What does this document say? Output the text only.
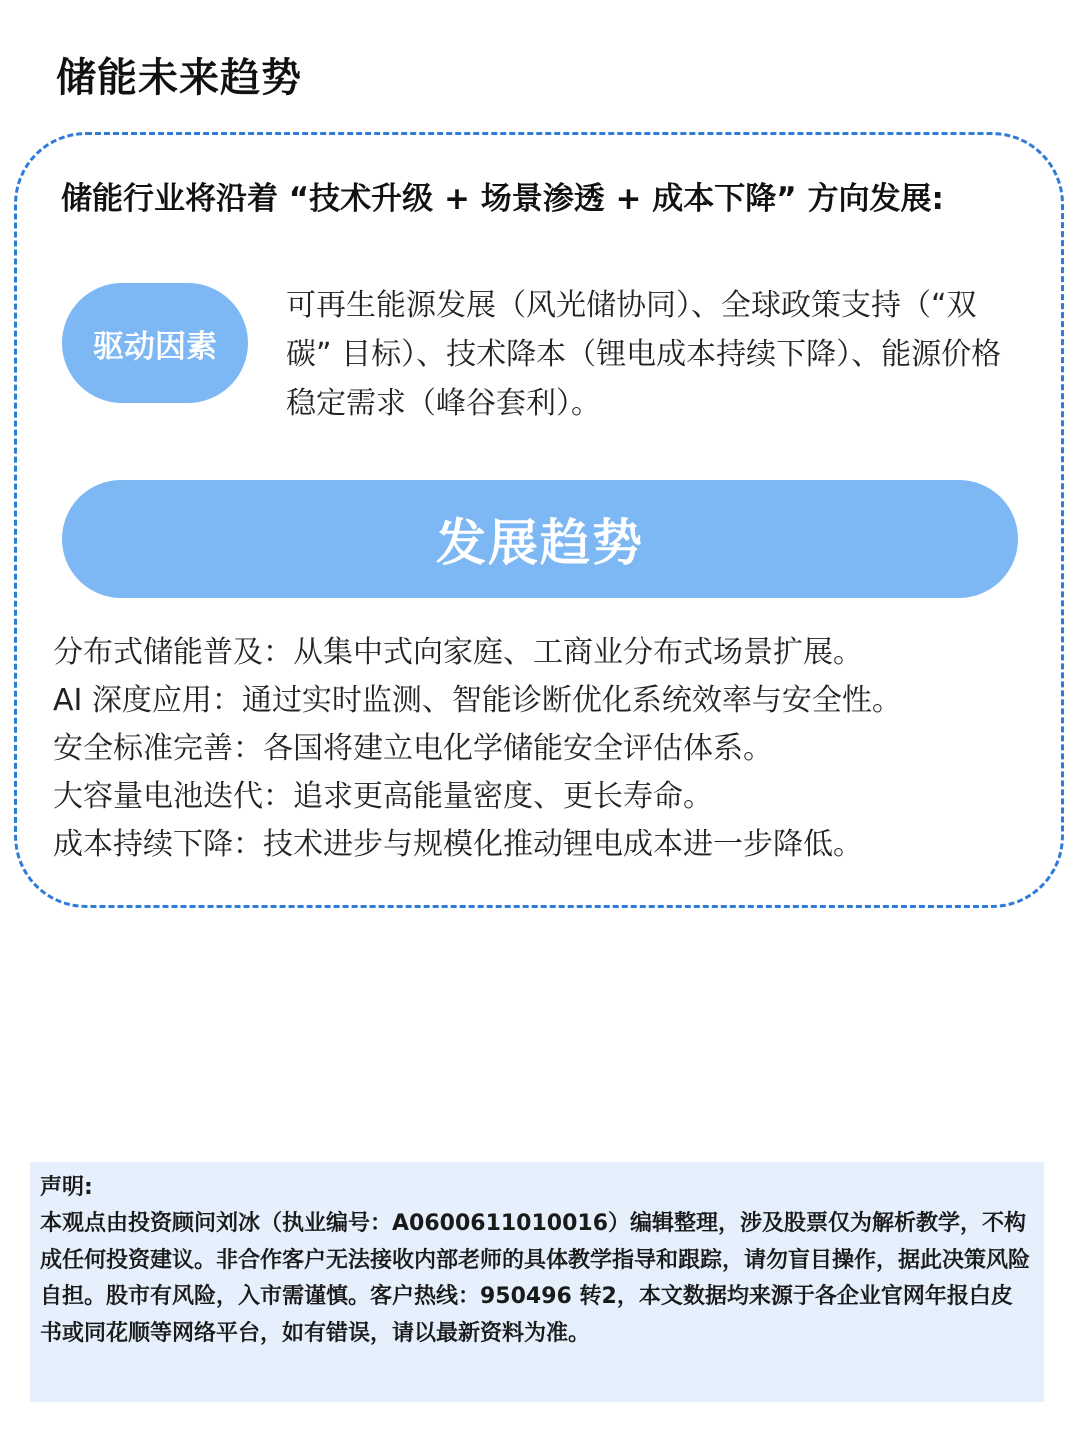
储能未来趋势
储能行业将沿着 “技术升级 + 场景渗透 + 成本下降” 方向发展:
驱动因素
可再生能源发展（风光储协同）、全球政策支持（“双碳” 目标）、技术降本（锂电成本持续下降）、能源价格稳定需求（峰谷套利）。
发展趋势
分布式储能普及：从集中式向家庭、工商业分布式场景扩展。
AI 深度应用：通过实时监测、智能诊断优化系统效率与安全性。
安全标准完善：各国将建立电化学储能安全评估体系。
大容量电池迭代：追求更高能量密度、更长寿命。
成本持续下降：技术进步与规模化推动锂电成本进一步降低。
声明:
本观点由投资顾问刘冰（执业编号：A0600611010016）编辑整理，涉及股票仅为解析教学，不构成任何投资建议。非合作客户无法接收内部老师的具体教学指导和跟踪，请勿盲目操作，据此决策风险自担。股市有风险，入市需谨慎。客户热线：950496 转2，本文数据均来源于各企业官网年报白皮书或同花顺等网络平台，如有错误，请以最新资料为准。
